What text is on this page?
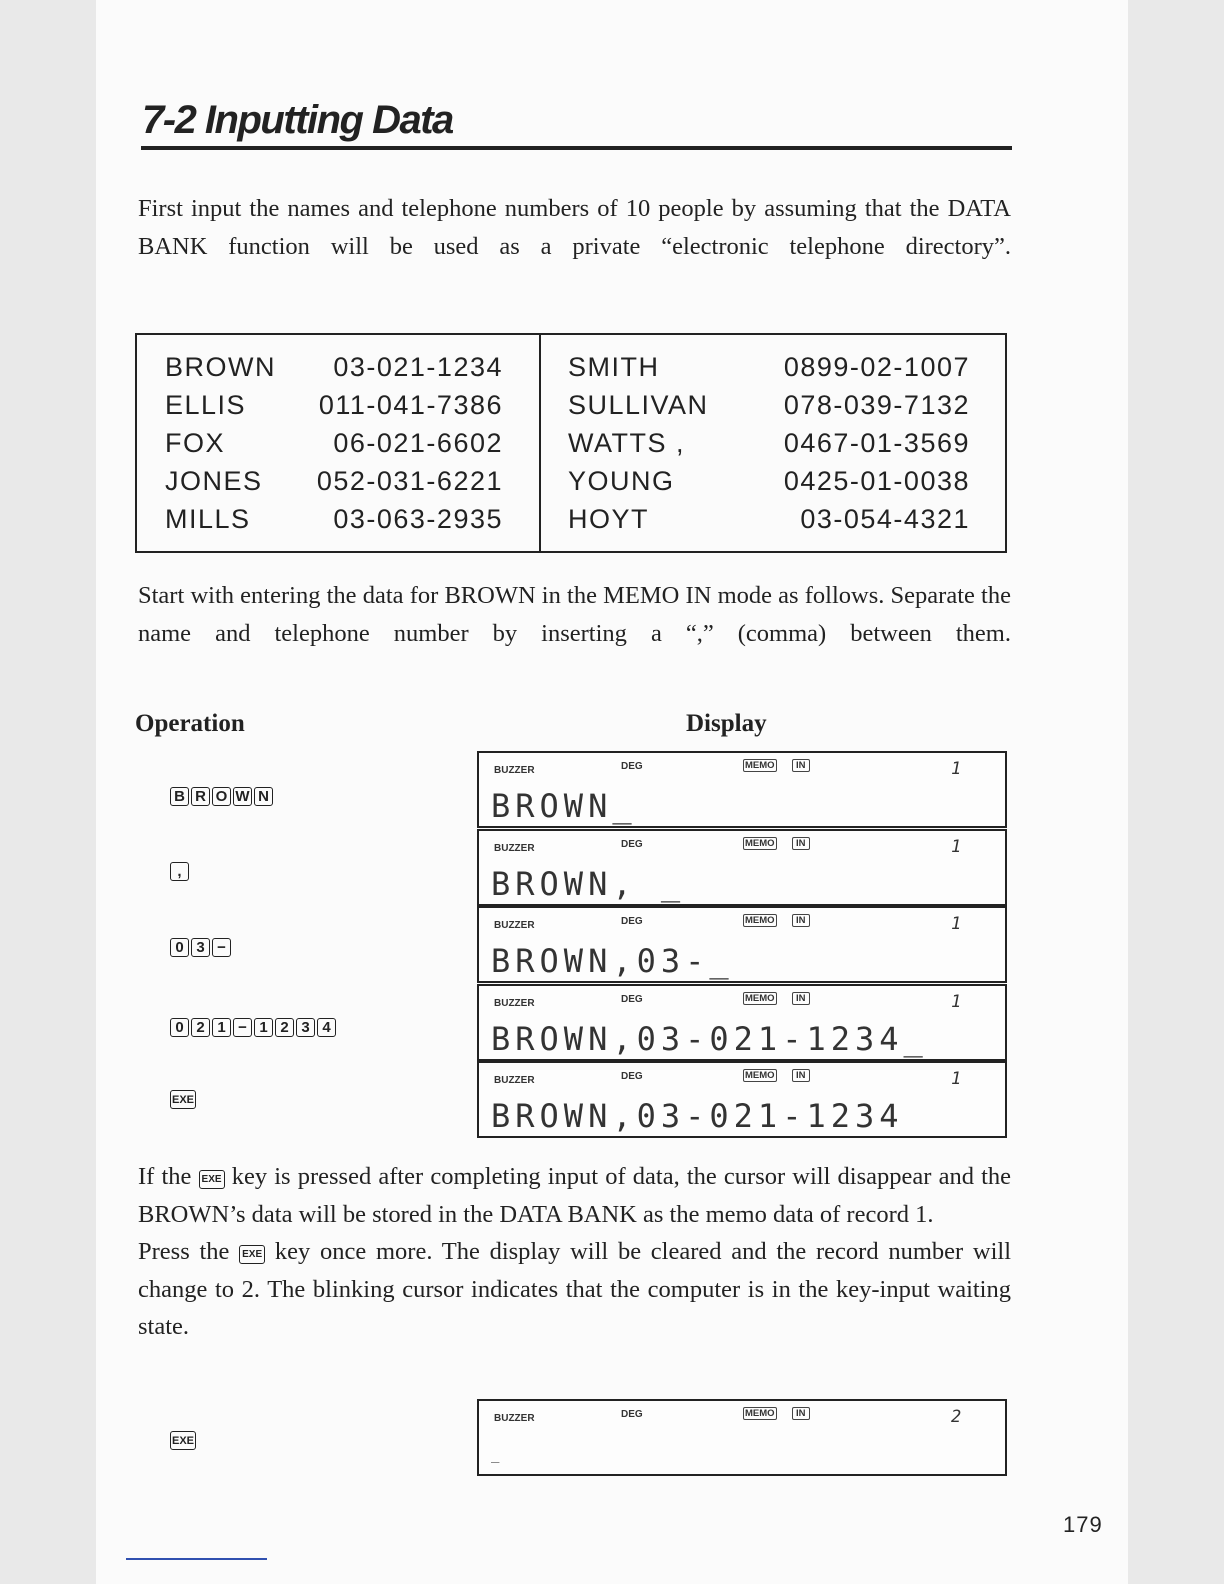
7-2 Inputting Data
First input the names and telephone numbers of 10 people by assuming that the DATA BANK function will be used as a private “electronic telephone directory”.
BROWN 03-021-1234
ELLIS	011-041-7386
FOX	06-021-6602
JONES 052-031-6221
MILLS	03-063-2935
SMITH	0899-02-1007
SULLIVAN	078-039-7132
WATTS ,	0467-01-3569
YOUNG	0425-01-0038
HOYT	03-054-4321
Start with entering the data for BROWN in the MEMO IN mode as follows. Separate the name and telephone number by inserting a “,” (comma) between them.
Operation	Display
B R O W N
BUZZER	DEG	MEMO	IN	1
BROWN_
,
BUZZER	DEG	MEMO	IN	1
BROWN, _
0 3 −
BUZZER	DEG	MEMO	IN	1
BROWN,03-_
0 2 1 − 1 2 3 4
BUZZER	DEG	MEMO	IN	1
BROWN,03-021-1234_
EXE
BUZZER	DEG	MEMO	IN	1
BROWN,03-021-1234
If the EXE key is pressed after completing input of data, the cursor will disappear and the BROWN’s data will be stored in the DATA BANK as the memo data of record 1.
Press the EXE key once more. The display will be cleared and the record number will change to 2. The blinking cursor indicates that the computer is in the key-input waiting state.
EXE
BUZZER	DEG	MEMO	IN	2
_
179
